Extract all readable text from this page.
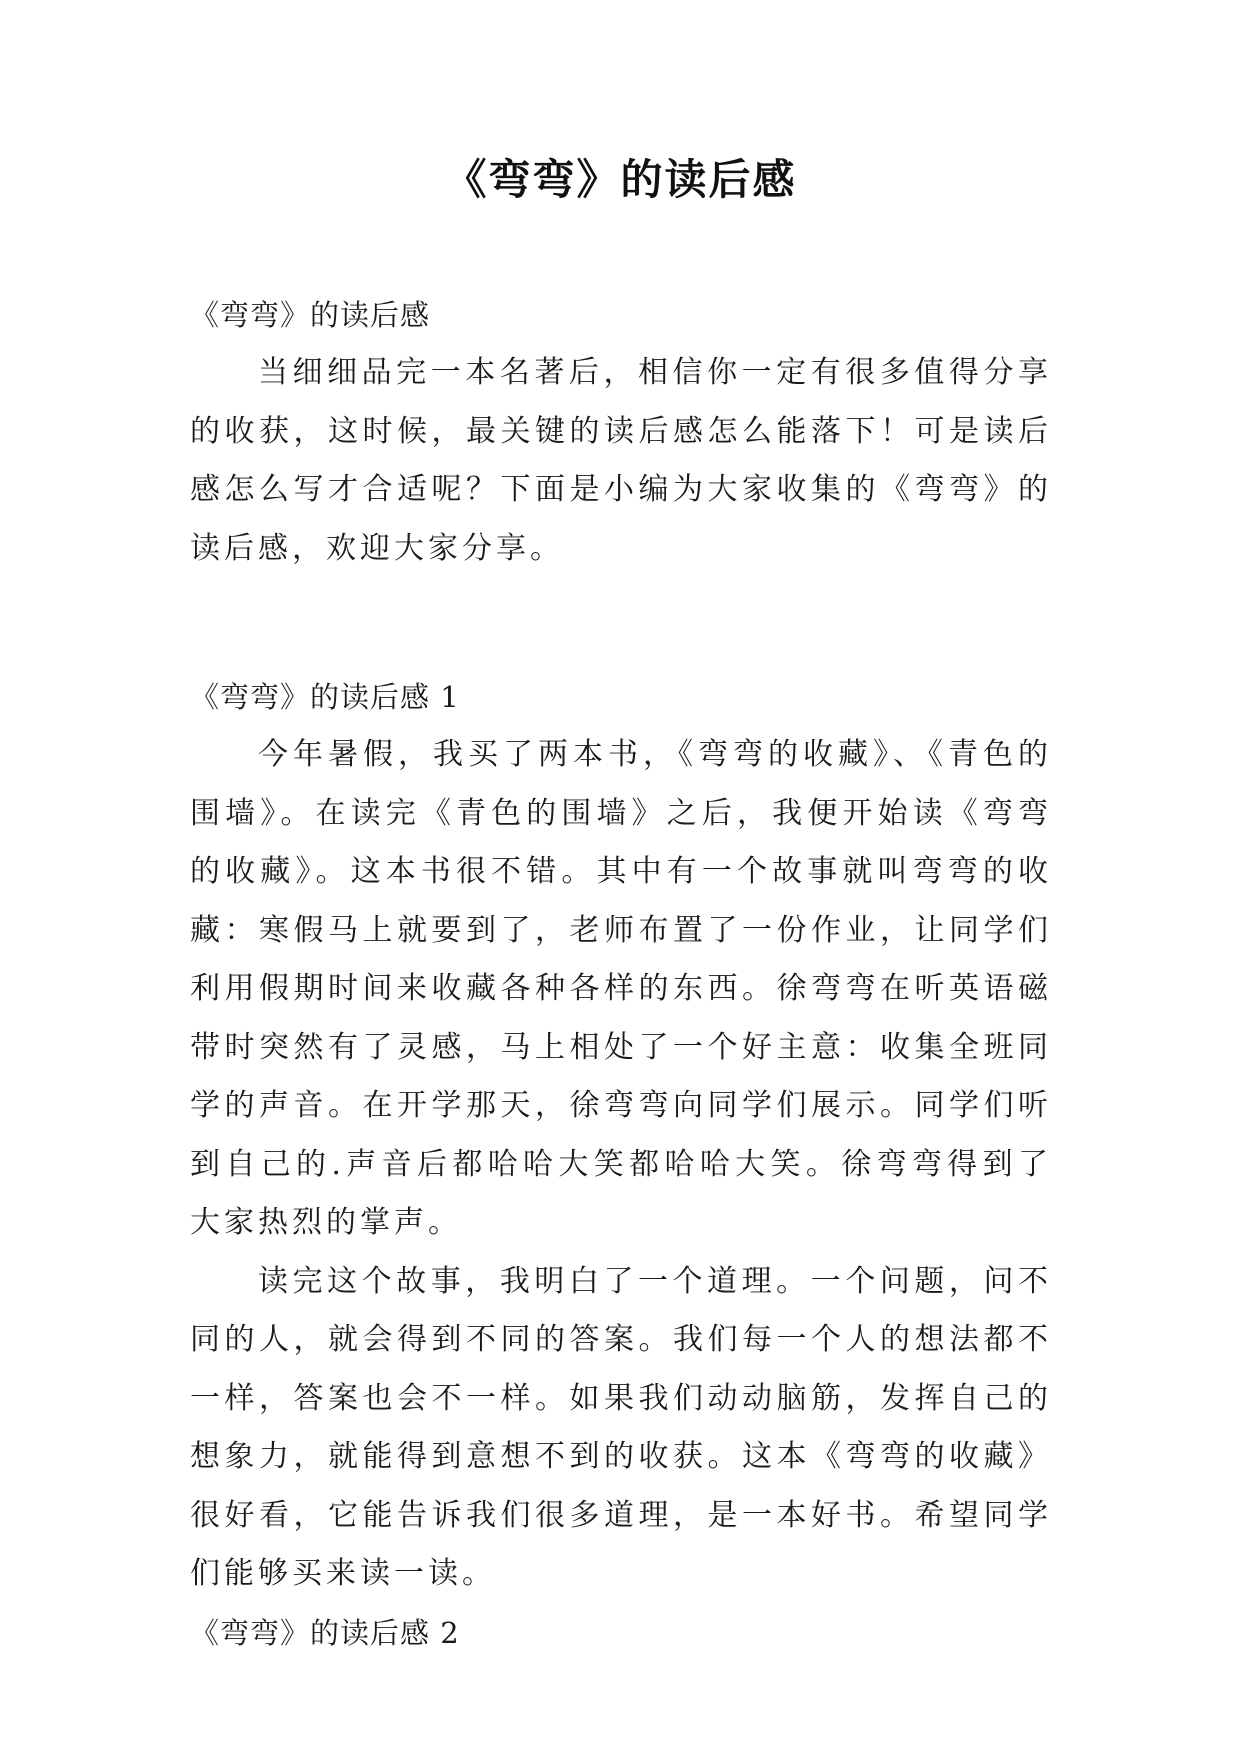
《弯弯》的读后感
《弯弯》的读后感

当细细品完一本名著后，相信你一定有很多值得分享的收获，这时候，最关键的读后感怎么能落下！可是读后感怎么写才合适呢？下面是小编为大家收集的《弯弯》的读后感，欢迎大家分享。

《弯弯》的读后感 1

今年暑假，我买了两本书，《弯弯的收藏》、《青色的围墙》。在读完《青色的围墙》之后，我便开始读《弯弯的收藏》。这本书很不错。其中有一个故事就叫弯弯的收藏：寒假马上就要到了，老师布置了一份作业，让同学们利用假期时间来收藏各种各样的东西。徐弯弯在听英语磁带时突然有了灵感，马上相处了一个好主意：收集全班同学的声音。在开学那天，徐弯弯向同学们展示。同学们听到自己的.声音后都哈哈大笑都哈哈大笑。徐弯弯得到了大家热烈的掌声。

读完这个故事，我明白了一个道理。一个问题，问不同的人，就会得到不同的答案。我们每一个人的想法都不一样，答案也会不一样。如果我们动动脑筋，发挥自己的想象力，就能得到意想不到的收获。这本《弯弯的收藏》很好看，它能告诉我们很多道理，是一本好书。希望同学们能够买来读一读。

《弯弯》的读后感 2
